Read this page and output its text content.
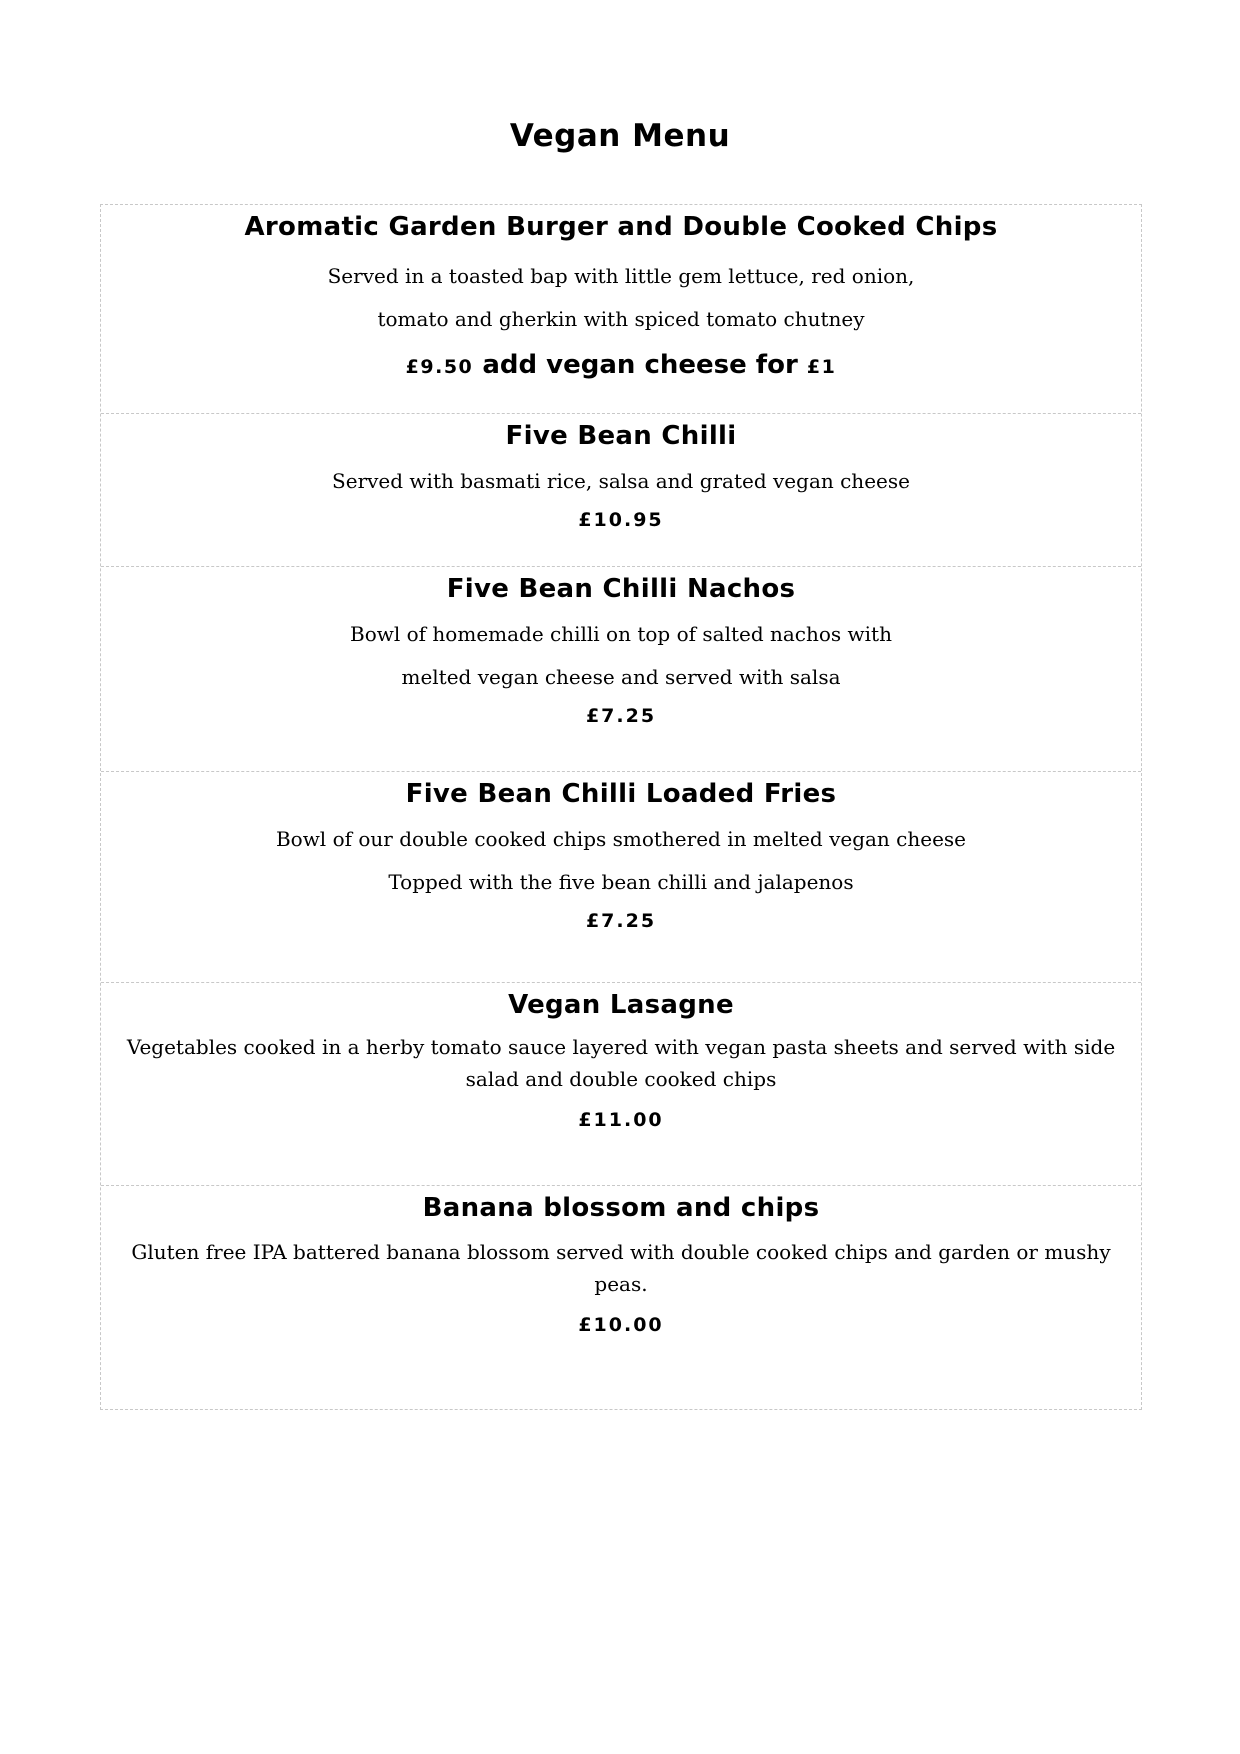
Vegan Menu

Aromatic Garden Burger and Double Cooked Chips

Served in a toasted bap with little gem lettuce, red onion,
tomato and gherkin with spiced tomato chutney

£9.50 add vegan cheese for £1

Five Bean Chilli

Served with basmati rice, salsa and grated vegan cheese

£10.95

Five Bean Chilli Nachos

Bowl of homemade chilli on top of salted nachos with
melted vegan cheese and served with salsa

£7.25

Five Bean Chilli Loaded Fries

Bowl of our double cooked chips smothered in melted vegan cheese
Topped with the five bean chilli and jalapenos

£7.25

Vegan Lasagne

Vegetables cooked in a herby tomato sauce layered with vegan pasta sheets and served with side salad and double cooked chips

£11.00

Banana blossom and chips

Gluten free IPA battered banana blossom served with double cooked chips and garden or mushy peas.

£10.00
